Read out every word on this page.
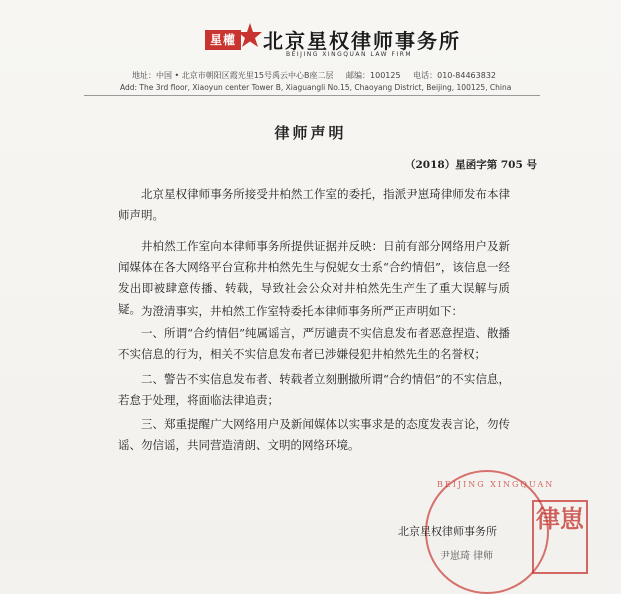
星權 北京星权律师事务所
BEIJING XINGQUAN LAW FIRM
地址：中国 • 北京市朝阳区霞光里15号禹云中心B座二层 邮编：100125 电话：010-84463832
Add: The 3rd floor, Xiaoyun center Tower B, Xiaguangli No.15, Chaoyang District, Beijing, 100125, China
律师声明
（2018）星函字第 705 号

北京星权律师事务所接受井柏然工作室的委托，指派尹崽琦律师发布本律师声明。

井柏然工作室向本律师事务所提供证据并反映：日前有部分网络用户及新闻媒体在各大网络平台宣称井柏然先生与倪妮女士系“合约情侣”，该信息一经发出即被肆意传播、转载，导致社会公众对井柏然先生产生了重大误解与质疑。 为澄清事实，井柏然工作室特委托本律师事务所严正声明如下：

一、所谓“合约情侣”纯属谣言，严厉谴责不实信息发布者恶意捏造、散播不实信息的行为，相关不实信息发布者已涉嫌侵犯井柏然先生的名誉权；

二、警告不实信息发布者、转载者立刻删撤所谓“合约情侣”的不实信息，若怠于处理，将面临法律追责；

三、郑重提醒广大网络用户及新闻媒体以实事求是的态度发表言论，勿传谣、勿信谣，共同营造清朗、文明的网络环境。

BEIJING XINGQUAN
律崽
北京星权律师事务所
尹崽琦 律师
